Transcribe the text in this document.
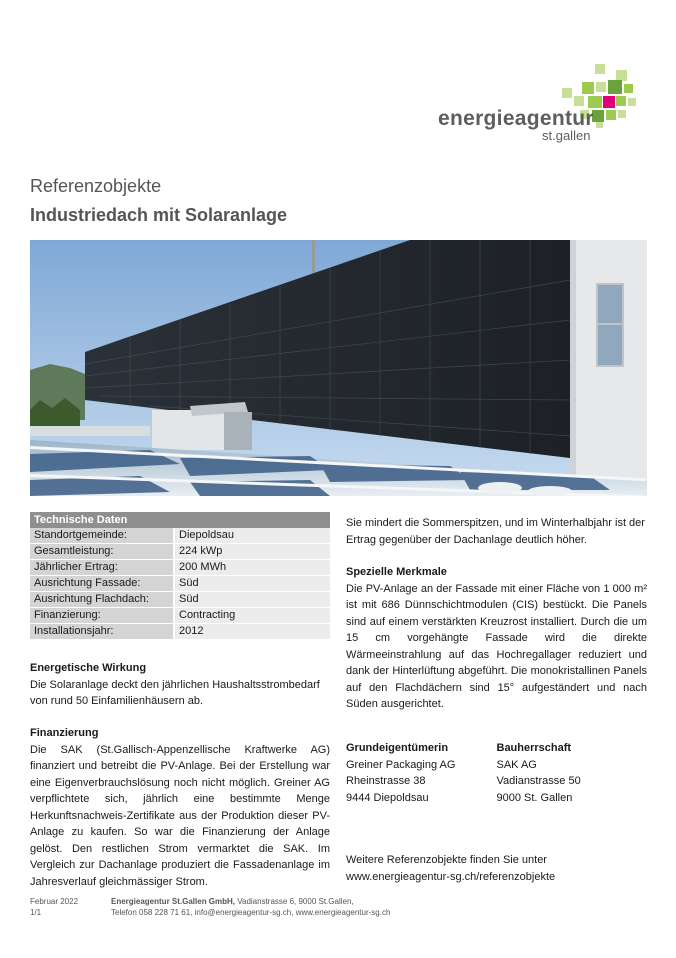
energieagentur
st.gallen
Referenzobjekte
Industriedach mit Solaranlage
Technische Daten
Standortgemeinde:	Diepoldsau
Gesamtleistung:	224 kWp
Jährlicher Ertrag:	200 MWh
Ausrichtung Fassade:	Süd
Ausrichtung Flachdach:	Süd
Finanzierung:	Contracting
Installationsjahr:	2012
Energetische Wirkung

Die Solaranlage deckt den jährlichen Haushaltsstrombedarf von rund 50 Einfamilienhäusern ab.

Finanzierung

Die SAK (St.Gallisch-Appenzellische Kraftwerke AG) finanziert und betreibt die PV-Anlage. Bei der Erstellung war eine Eigenverbrauchslösung noch nicht möglich. Greiner AG verpflichtete sich, jährlich eine bestimmte Menge Herkunftsnachweis-Zertifikate aus der Produktion dieser PV-Anlage zu kaufen. So war die Finanzierung der Anlage gelöst. Den restlichen Strom vermarktet die SAK. Im Vergleich zur Dachanlage produziert die Fassadenanlage im Jahresverlauf gleichmässiger Strom.

Sie mindert die Sommerspitzen, und im Winterhalbjahr ist der Ertrag gegenüber der Dachanlage deutlich höher.

Spezielle Merkmale

Die PV-Anlage an der Fassade mit einer Fläche von 1 000 m² ist mit 686 Dünnschichtmodulen (CIS) bestückt. Die Panels sind auf einem verstärkten Kreuzrost installiert. Durch die um 15 cm vorgehängte Fassade wird die direkte Wärmeeinstrahlung auf das Hochregallager reduziert und dank der Hinterlüftung abgeführt. Die monokristallinen Panels auf den Flachdächern sind 15° aufgeständert und nach Süden ausgerichtet.

Grundeigentümerin
Greiner Packaging AG
Rheinstrasse 38
9444 Diepoldsau
Bauherrschaft
SAK AG
Vadianstrasse 50
9000 St. Gallen
Weitere Referenzobjekte finden Sie unter
www.energieagentur-sg.ch/referenzobjekte
Februar 2022
1/1
Energieagentur St.Gallen GmbH, Vadianstrasse 6, 9000 St.Gallen,
Telefon 058 228 71 61, info@energieagentur-sg.ch, www.energieagentur-sg.ch
